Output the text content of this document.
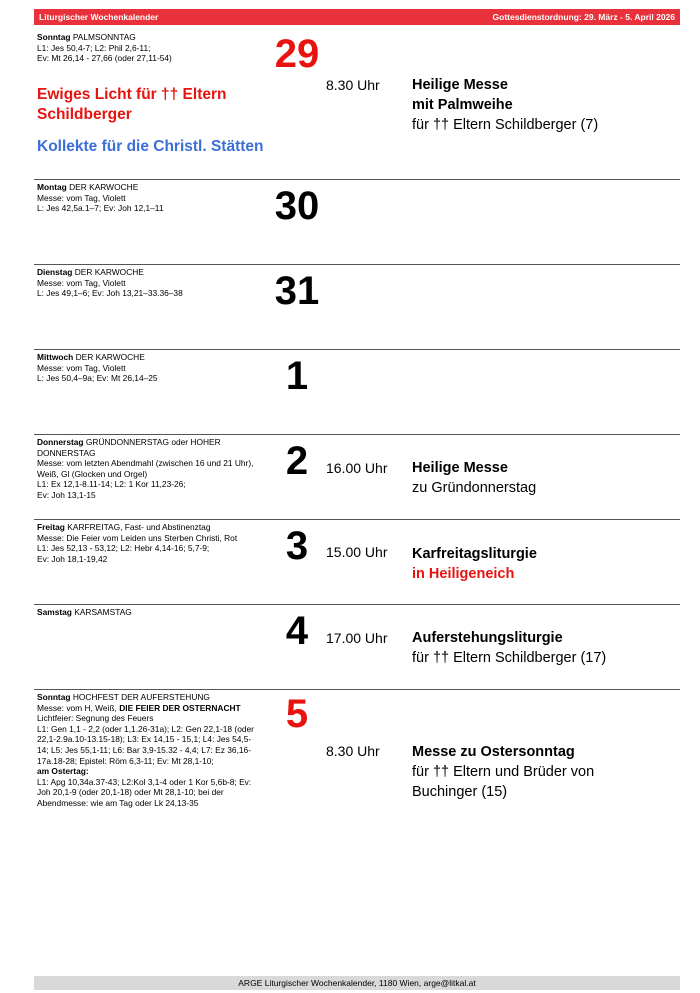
Liturgischer Wochenkalender	Gottesdienstordnung: 29. März - 5. April 2026
Sonntag PALMSONNTAG
L1: Jes 50,4-7; L2: Phil 2,6-11;
Ev: Mt 26,14 - 27,66 (oder 27,11-54)	29
Ewiges Licht für †† Eltern Schildberger
Kollekte für die Christl. Stätten
8.30 Uhr Heilige Messe
mit Palmweihe
für †† Eltern Schildberger (7)
Montag DER KARWOCHE
Messe: vom Tag, Violett
L: Jes 42,5a.1–7; Ev: Joh 12,1–11	30
Dienstag DER KARWOCHE
Messe: vom Tag, Violett
L: Jes 49,1–6; Ev: Joh 13,21–33.36–38	31
Mittwoch DER KARWOCHE
Messe: vom Tag, Violett
L: Jes 50,4–9a; Ev: Mt 26,14–25	1
Donnerstag GRÜNDONNERSTAG oder HOHER DONNERSTAG
Messe: vom letzten Abendmahl (zwischen 16 und 21 Uhr), Weiß, Gl (Glocken und Orgel)
L1: Ex 12,1-8.11-14; L2: 1 Kor 11,23-26;
Ev: Joh 13,1-15
2	16.00 Uhr Heilige Messe
zu Gründonnerstag
Freitag KARFREITAG, Fast- und Abstinenztag
Messe: Die Feier vom Leiden uns Sterben Christi, Rot
L1: Jes 52,13 - 53,12; L2: Hebr 4,14-16; 5,7-9;
Ev: Joh 18,1-19,42	3	15.00 Uhr Karfreitagsliturgie
in Heiligeneich
Samstag KARSAMSTAG	4	17.00 Uhr Auferstehungsliturgie
für †† Eltern Schildberger (17)
Sonntag HOCHFEST DER AUFERSTEHUNG
Messe: vom H, Weiß, DIE FEIER DER OSTERNACHT Lichtfeier: Segnung des Feuers
L1: Gen 1,1 - 2,2 (oder 1,1.26-31a); L2: Gen 22,1-18 (oder 22,1-2.9a.10-13.15-18); L3: Ex 14,15 - 15,1; L4: Jes 54,5-14; L5: Jes 55,1-11; L6: Bar 3,9-15.32 - 4,4; L7: Ez 36,16-17a.18-28; Epistel: Röm 6,3-11; Ev: Mt 28,1-10;
am Ostertag:
L1: Apg 10,34a.37-43; L2:Kol 3,1-4 oder 1 Kor 5,6b-8; Ev: Joh 20,1-9 (oder 20,1-18) oder Mt 28,1-10; bei der Abendmesse: wie am Tag oder Lk 24,13-35
5
8.30 Uhr Messe zu Ostersonntag
für †† Eltern und Brüder von Buchinger (15)
ARGE Liturgischer Wochenkalender, 1180 Wien, arge@litkal.at
